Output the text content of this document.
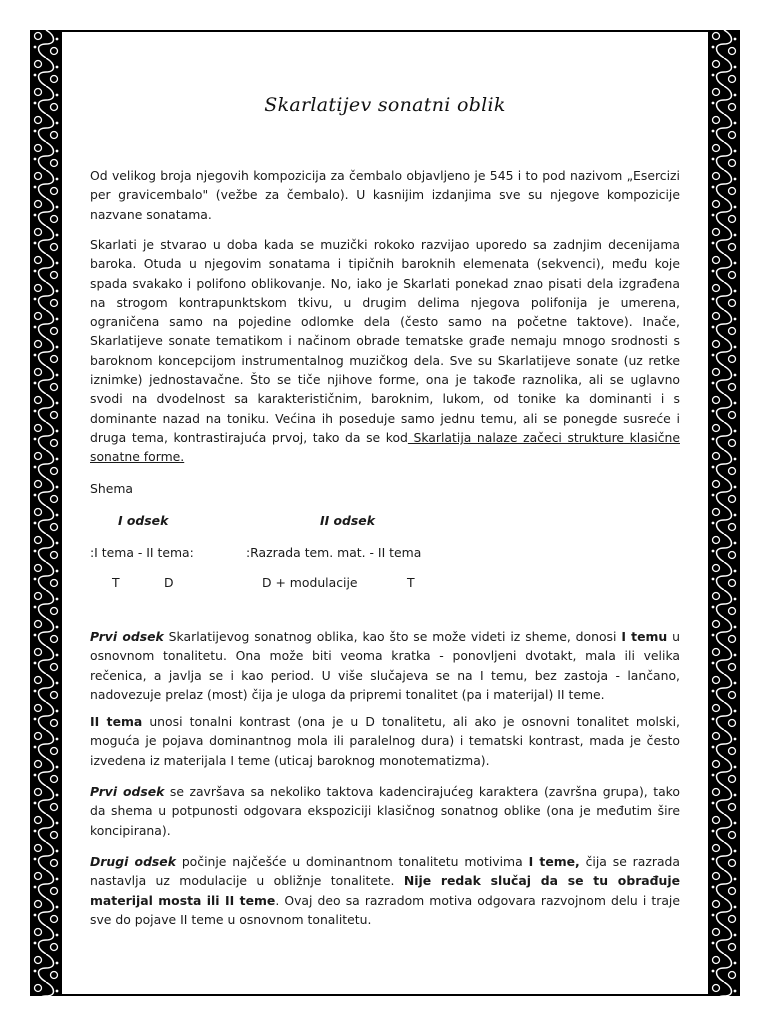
Skarlatijev sonatni oblik
Od velikog broja njegovih kompozicija za čembalo objavljeno je 545 i to pod nazivom „Esercizi per gravicembalo" (vežbe za čembalo). U kasnijim izdanjima sve su njegove kompozicije nazvane sonatama.
Skarlati je stvarao u doba kada se muzički rokoko razvijao uporedo sa zadnjim decenijama baroka. Otuda u njegovim sonatama i tipičnih baroknih elemenata (sekvenci), među koje spada svakako i polifono oblikovanje. No, iako je Skarlati ponekad znao pisati dela izgrađena na strogom kontrapunktskom tkivu, u drugim delima njegova polifonija je umerena, ograničena samo na pojedine odlomke dela (često samo na početne taktove). Inače, Skarlatijeve sonate tematikom i načinom obrade tematske građe nemaju mnogo srodnosti s baroknom koncepcijom instrumentalnog muzičkog dela. Sve su Skarlatijeve sonate (uz retke iznimke) jednostavačne. Što se tiče njihove forme, ona je takođe raznolika, ali se uglavno svodi na dvodelnost sa karakterističnim, baroknim, lukom, od tonike ka dominanti i s dominante nazad na toniku. Većina ih poseduje samo jednu temu, ali se ponegde susreće i druga tema, kontrastirajuća prvoj, tako da se kod Skarlatija nalaze začeci strukture klasične sonatne forme.
Shema
I odsek	II odsek
:I tema - II tema:	:Razrada tem. mat. - II tema
T	D	D + modulacije	T
Prvi odsek Skarlatijevog sonatnog oblika, kao što se može videti iz sheme, donosi I temu u osnovnom tonalitetu. Ona može biti veoma kratka - ponovljeni dvotakt, mala ili velika rečenica, a javlja se i kao period. U više slučajeva se na I temu, bez zastoja - lančano, nadovezuje prelaz (most) čija je uloga da pripremi tonalitet (pa i materijal) II teme.
II tema unosi tonalni kontrast (ona je u D tonalitetu, ali ako je osnovni tonalitet molski, moguća je pojava dominantnog mola ili paralelnog dura) i tematski kontrast, mada je često izvedena iz materijala I teme (uticaj baroknog monotematizma).
Prvi odsek se završava sa nekoliko taktova kadencirajućeg karaktera (završna grupa), tako da shema u potpunosti odgovara ekspoziciji klasičnog sonatnog oblike (ona je međutim šire koncipirana).
Drugi odsek počinje najčešće u dominantnom tonalitetu motivima I teme, čija se razrada nastavlja uz modulacije u obližnje tonalitete. Nije redak slučaj da se tu obrađuje materijal mosta ili II teme. Ovaj deo sa razradom motiva odgovara razvojnom delu i traje sve do pojave II teme u osnovnom tonalitetu.
